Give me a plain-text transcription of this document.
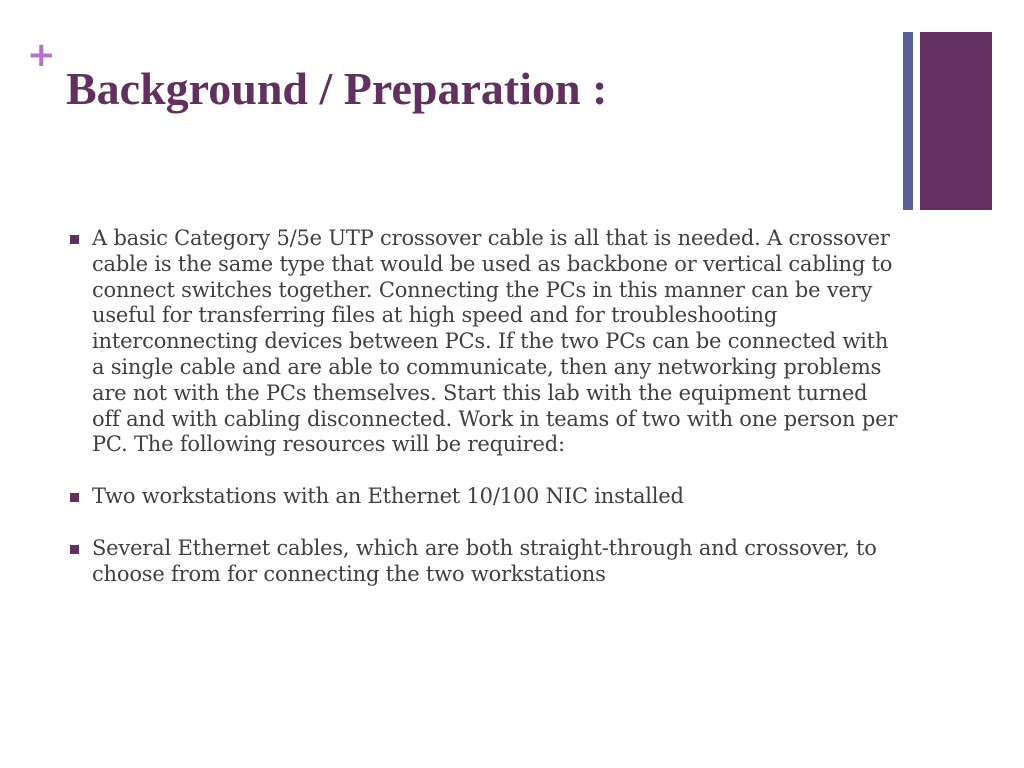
+
Background / Preparation :
A basic Category 5/5e UTP crossover cable is all that is needed. A crossover cable is the same type that would be used as backbone or vertical cabling to connect switches together. Connecting the PCs in this manner can be very useful for transferring files at high speed and for troubleshooting interconnecting devices between PCs. If the two PCs can be connected with a single cable and are able to communicate, then any networking problems are not with the PCs themselves. Start this lab with the equipment turned off and with cabling disconnected. Work in teams of two with one person per PC. The following resources will be required:
Two workstations with an Ethernet 10/100 NIC installed
Several Ethernet cables, which are both straight-through and crossover, to choose from for connecting the two workstations
